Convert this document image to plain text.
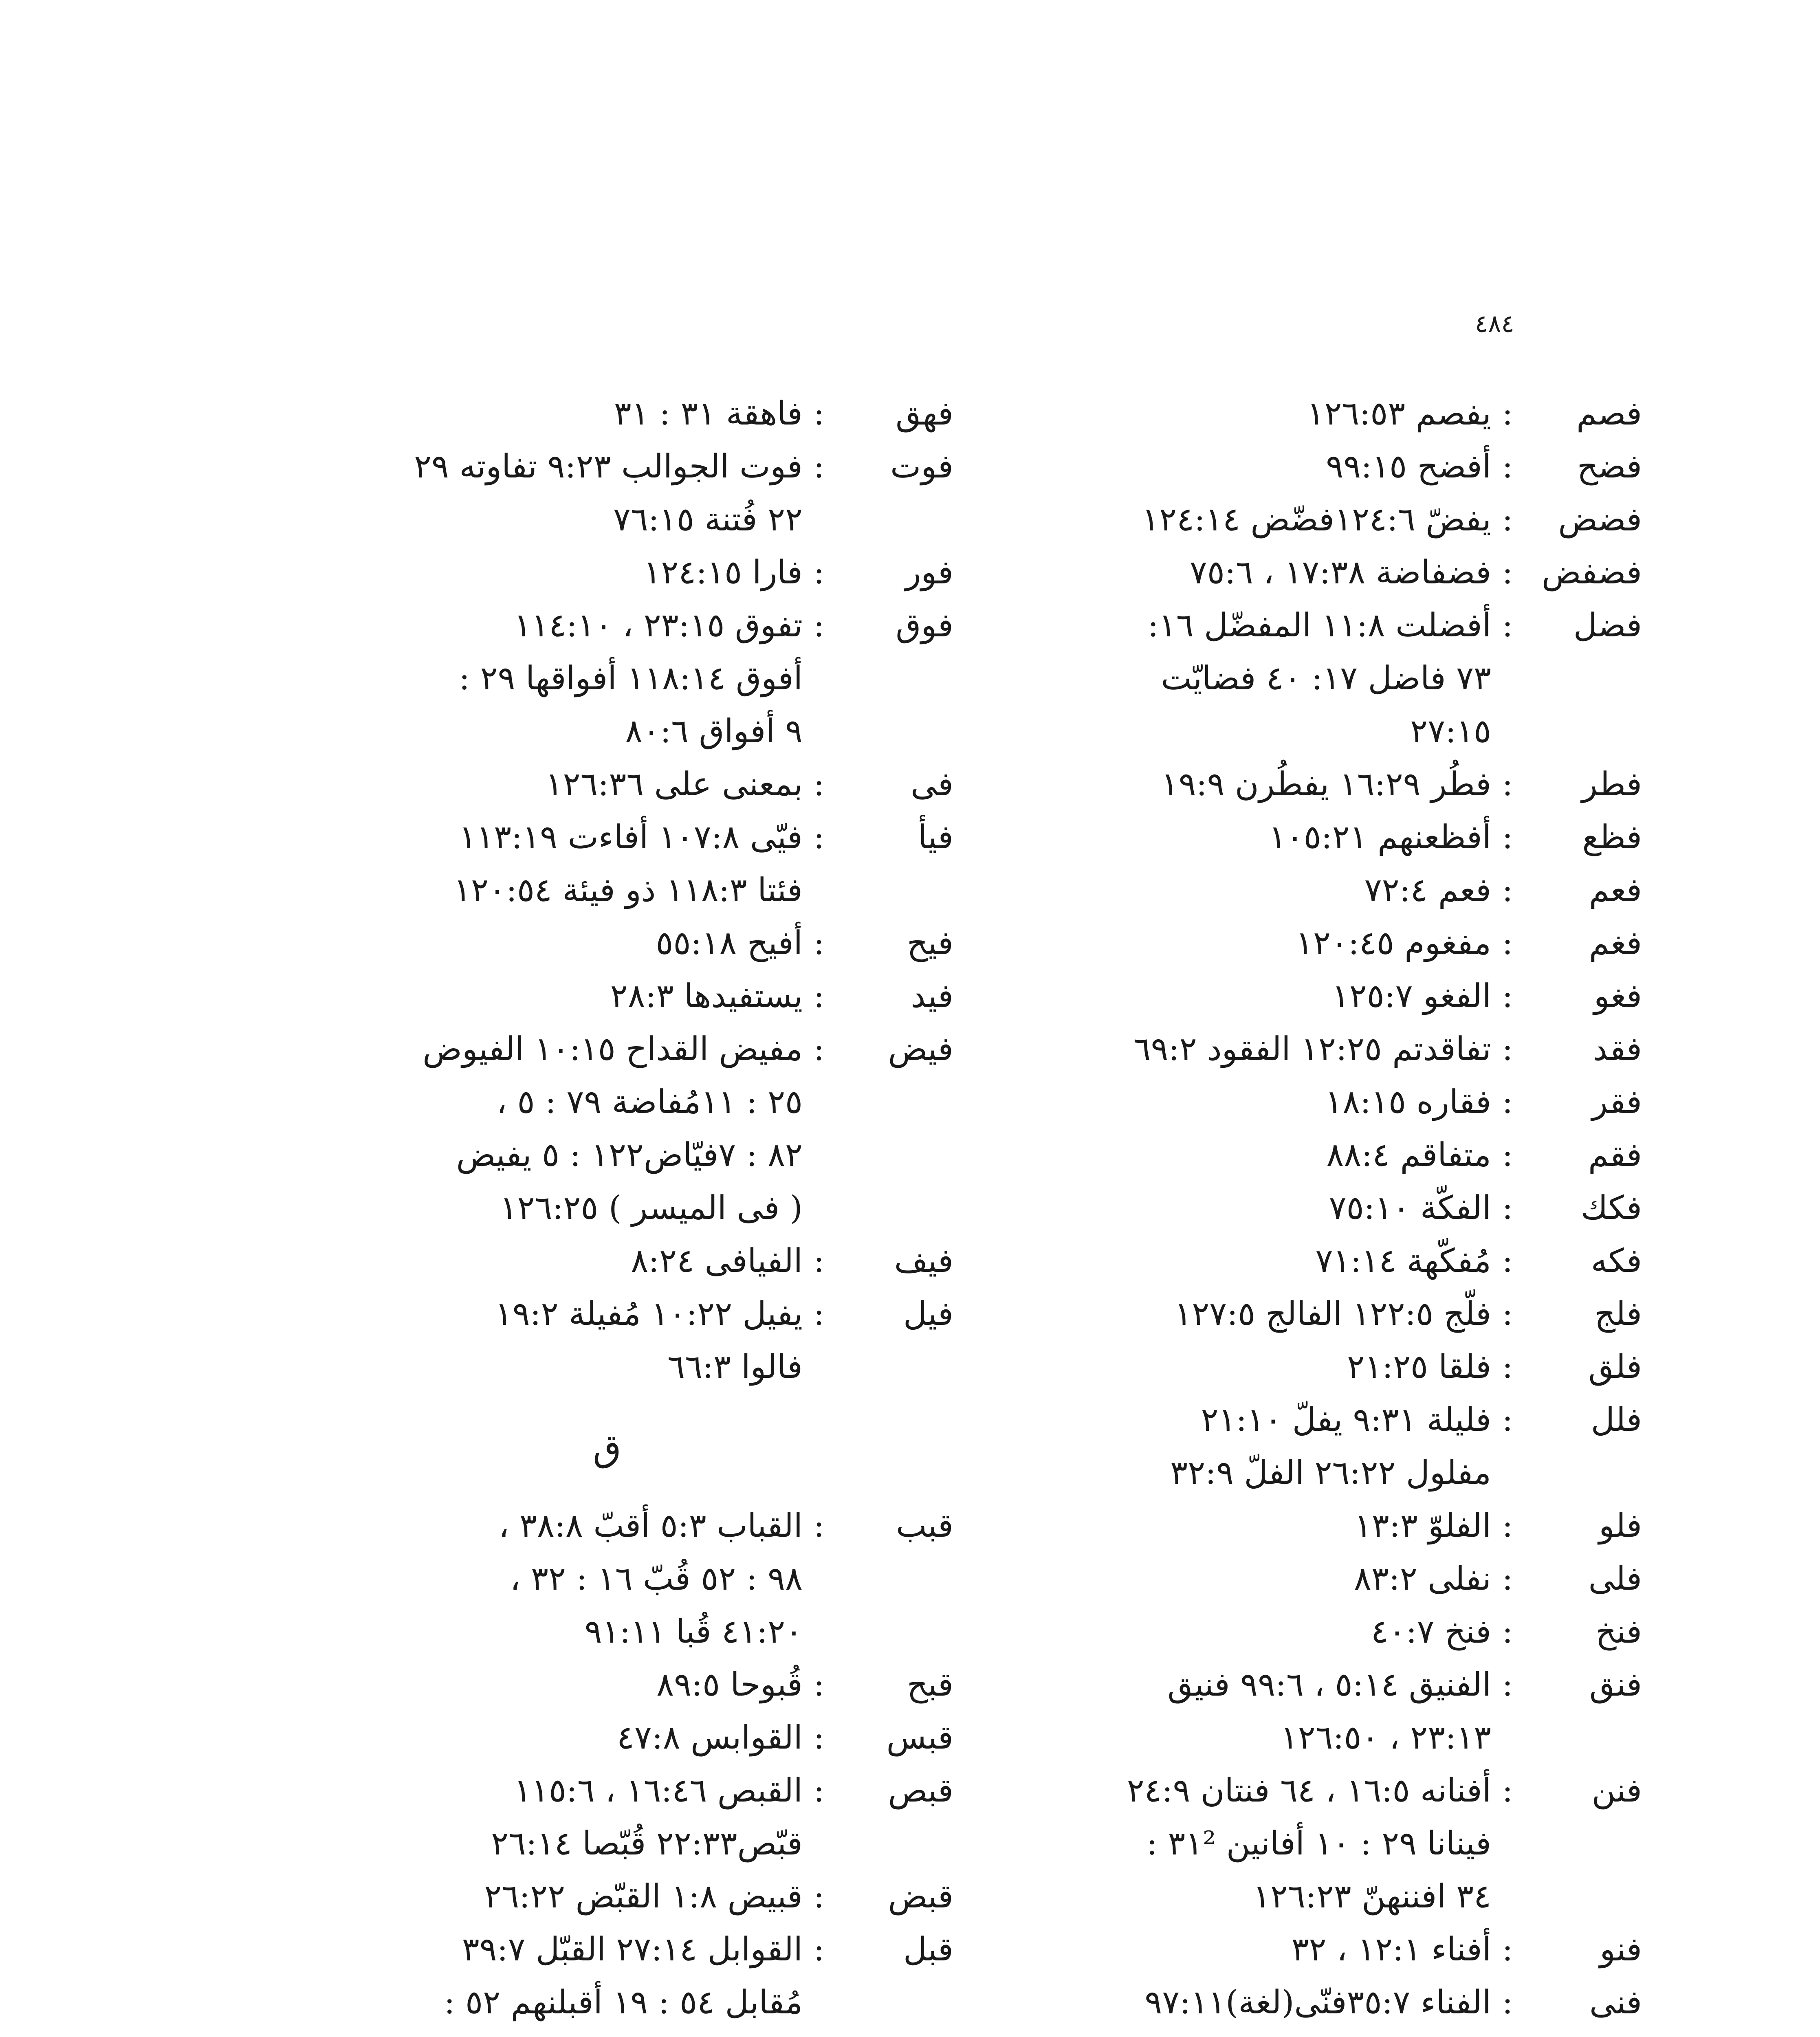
٤٨٤
فصم
:
يفصم ١٢٦:٥٣
فضح
:
أفضح ٩٩:١٥
فضض
:
يفضّ ١٢٤:٦فضّض ١٢٤:١٤
فضفض
:
فضفاضة ١٧:٣٨ ، ٧٥:٦
فضل
:
أفضلت ١١:٨ المفضّل ١٦:
٧٣ فاضل ١٧: ٤٠ فضايّت
٢٧:١٥
فطر
:
فطُر ١٦:٢٩ يفطُرن ١٩:٩
فظع
:
أفظعنهم ١٠٥:٢١
فعم
:
فعم ٧٢:٤
فغم
:
مفغوم ١٢٠:٤٥
فغو
:
الفغو ١٢٥:٧
فقد
:
تفاقدتم ١٢:٢٥ الفقود ٦٩:٢
فقر
:
فقاره ١٨:١٥
فقم
:
متفاقم ٨٨:٤
فكك
:
الفكّة ٧٥:١٠
فكه
:
مُفكّهة ٧١:١٤
فلج
:
فلّج ١٢٢:٥ الفالج ١٢٧:٥
فلق
:
فلقا ٢١:٢٥
فلل
:
فليلة ٩:٣١ يفلّ ٢١:١٠
مفلول ٢٦:٢٢ الفلّ ٣٢:٩
فلو
:
الفلوّ ١٣:٣
فلى
:
نفلى ٨٣:٢
فنخ
:
فنخ ٤٠:٧
فنق
:
الفنيق ٥:١٤ ، ٩٩:٦ فنيق
٢٣:١٣ ، ١٢٦:٥٠
فنن
:
أفنانه ١٦:٥ ، ٦٤ فنتان ٢٤:٩
فينانا ٢٩ : ١٠ أفانين ٣١² :
٣٤ افننهنّ ١٢٦:٢٣
فنو
:
أفناء ١٢:١ ، ٣٢
فنى
:
الفناء ٣٥:٧فنّى(لغة)٩٧:١١
فهق
:
فاهقة ٣١ : ٣١
فوت
:
فوت الجوالب ٩:٢٣ تفاوته ٢٩
٢٢ فُتنة ٧٦:١٥
فور
:
فارا ١٢٤:١٥
فوق
:
تفوق ٢٣:١٥ ، ١١٤:١٠
أفوق ١١٨:١٤ أفواقها ٢٩ :
٩ أفواق ٨٠:٦
فى
:
بمعنى على ١٢٦:٣٦
فيأ
:
فيّى ١٠٧:٨ أفاءت ١١٣:١٩
فئتا ١١٨:٣ ذو فيئة ١٢٠:٥٤
فيح
:
أفيح ٥٥:١٨
فيد
:
يستفيدها ٢٨:٣
فيض
:
مفيض القداح ١٠:١٥ الفيوض
٢٥ : ١١مُفاضة ٧٩ : ٥ ،
٨٢ : ٧فيّاض١٢٢ : ٥ يفيض
( فى الميسر ) ١٢٦:٢٥
فيف
:
الفيافى ٨:٢٤
فيل
:
يفيل ١٠:٢٢ مُفيلة ١٩:٢
فالوا ٦٦:٣
ق
قبب
:
القباب ٥:٣ أقبّ ٣٨:٨ ،
٩٨ : ٥٢ قُبّ ١٦ : ٣٢ ،
٤١:٢٠ قُبا ٩١:١١
قبح
:
قُبوحا ٨٩:٥
قبس
:
القوابس ٤٧:٨
قبص
:
القبص ١٦:٤٦ ، ١١٥:٦
قبّص٢٢:٣٣ قُبّصا ٢٦:١٤
قبض
:
قبيض ١:٨ القبّض ٢٦:٢٢
قبل
:
القوابل ٢٧:١٤ القبّل ٣٩:٧
مُقابل ٥٤ : ١٩ أقبلنهم ٥٢ :
